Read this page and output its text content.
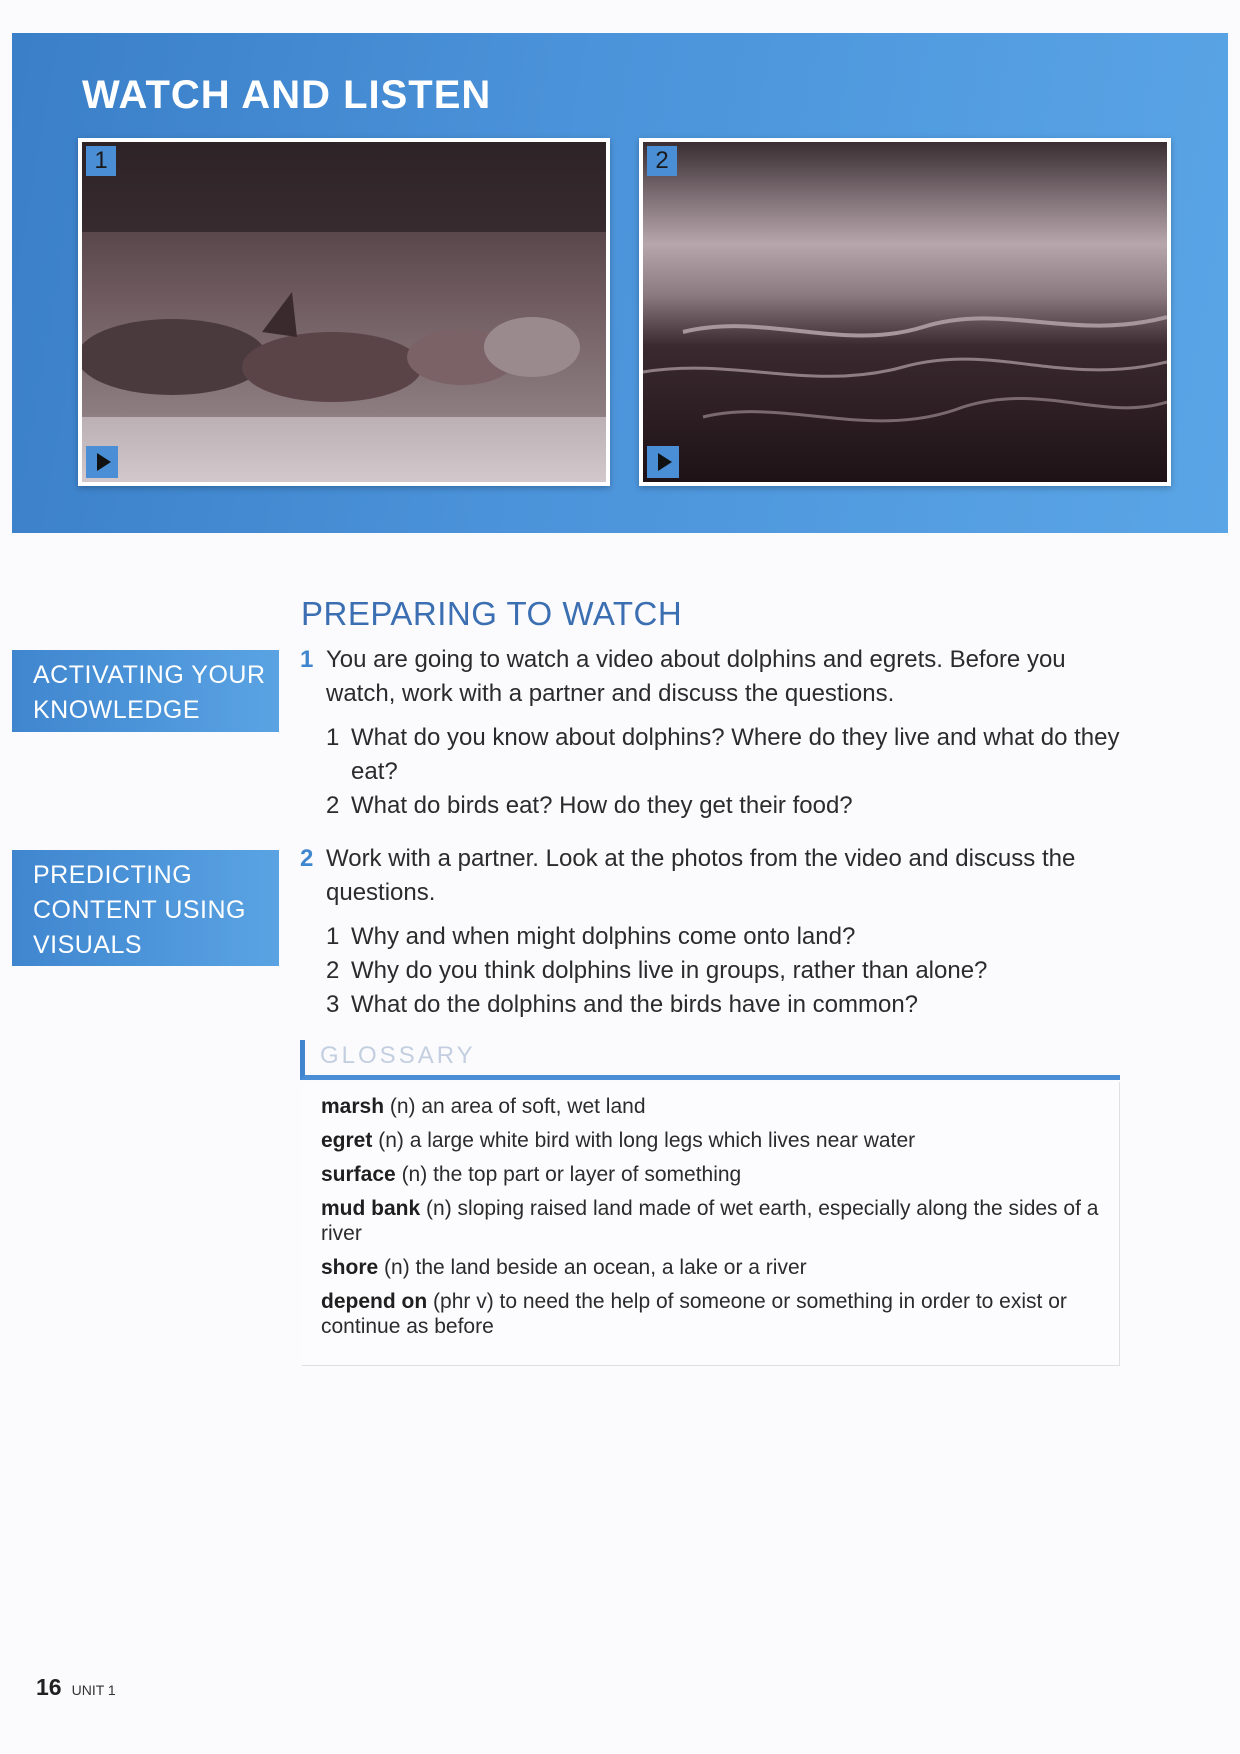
WATCH AND LISTEN
1	2
ACTIVATING YOUR
KNOWLEDGE
PREDICTING
CONTENT USING
VISUALS
PREPARING TO WATCH
1 You are going to watch a video about dolphins and egrets. Before you watch, work with a partner and discuss the questions.
1 What do you know about dolphins? Where do they live and what do they eat?
2 What do birds eat? How do they get their food?
2 Work with a partner. Look at the photos from the video and discuss the questions.
1 Why and when might dolphins come onto land?
2 Why do you think dolphins live in groups, rather than alone?
3 What do the dolphins and the birds have in common?
GLOSSARY
marsh (n) an area of soft, wet land
egret (n) a large white bird with long legs which lives near water
surface (n) the top part or layer of something
mud bank (n) sloping raised land made of wet earth, especially along the sides of a river
shore (n) the land beside an ocean, a lake or a river
depend on (phr v) to need the help of someone or something in order to exist or continue as before
16 UNIT 1
